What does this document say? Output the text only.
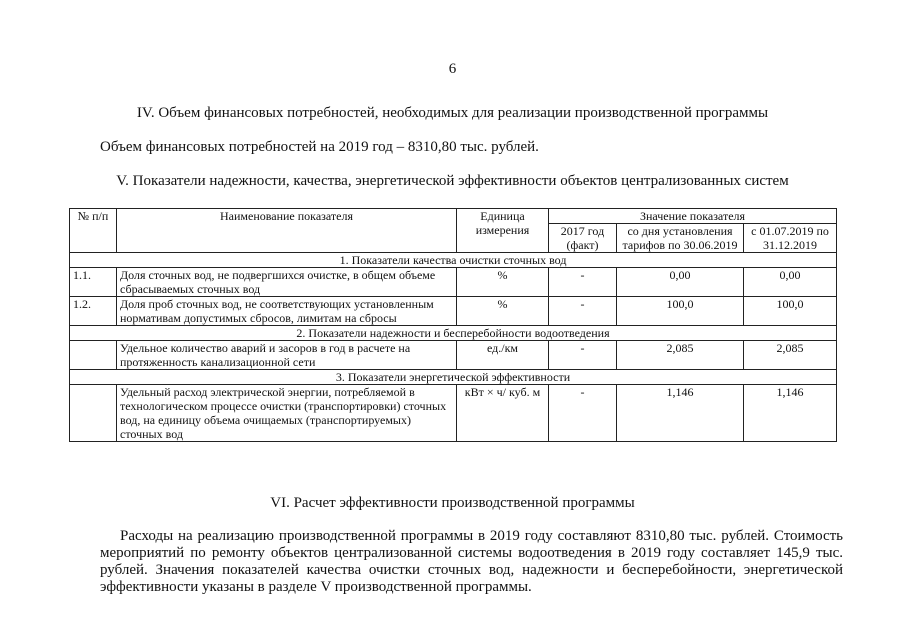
6
IV. Объем финансовых потребностей, необходимых для реализации производственной программы
Объем финансовых потребностей на 2019 год – 8310,80 тыс. рублей.
V. Показатели надежности, качества, энергетической эффективности объектов централизованных систем
№ п/п	Наименование показателя	Единица измерения	Значение показателя		
			2017 год (факт)	со дня установления тарифов по 30.06.2019	с 01.07.2019 по 31.12.2019
1. Показатели качества очистки сточных вод					
1.1.	Доля сточных вод, не подвергшихся очистке, в общем объеме сбрасываемых сточных вод	%	-	0,00	0,00
1.2.	Доля проб сточных вод, не соответствующих установленным нормативам допустимых сбросов, лимитам на сбросы	%	-	100,0	100,0
2. Показатели надежности и бесперебойности водоотведения					
	Удельное количество аварий и засоров в год в расчете на протяженность канализационной сети	ед./км	-	2,085	2,085
3. Показатели энергетической эффективности					
	Удельный расход электрической энергии, потребляемой в технологическом процессе очистки (транспортировки) сточных вод, на единицу объема очищаемых (транспортируемых) сточных вод	кВт × ч/ куб. м	-	1,146	1,146
VI. Расчет эффективности производственной программы
Расходы на реализацию производственной программы в 2019 году составляют 8310,80 тыс. рублей. Стоимость мероприятий по ремонту объектов централизованной системы водоотведения в 2019 году составляет 145,9 тыс. рублей. Значения показателей качества очистки сточных вод, надежности и бесперебойности, энергетической эффективности указаны в разделе V производственной программы.
